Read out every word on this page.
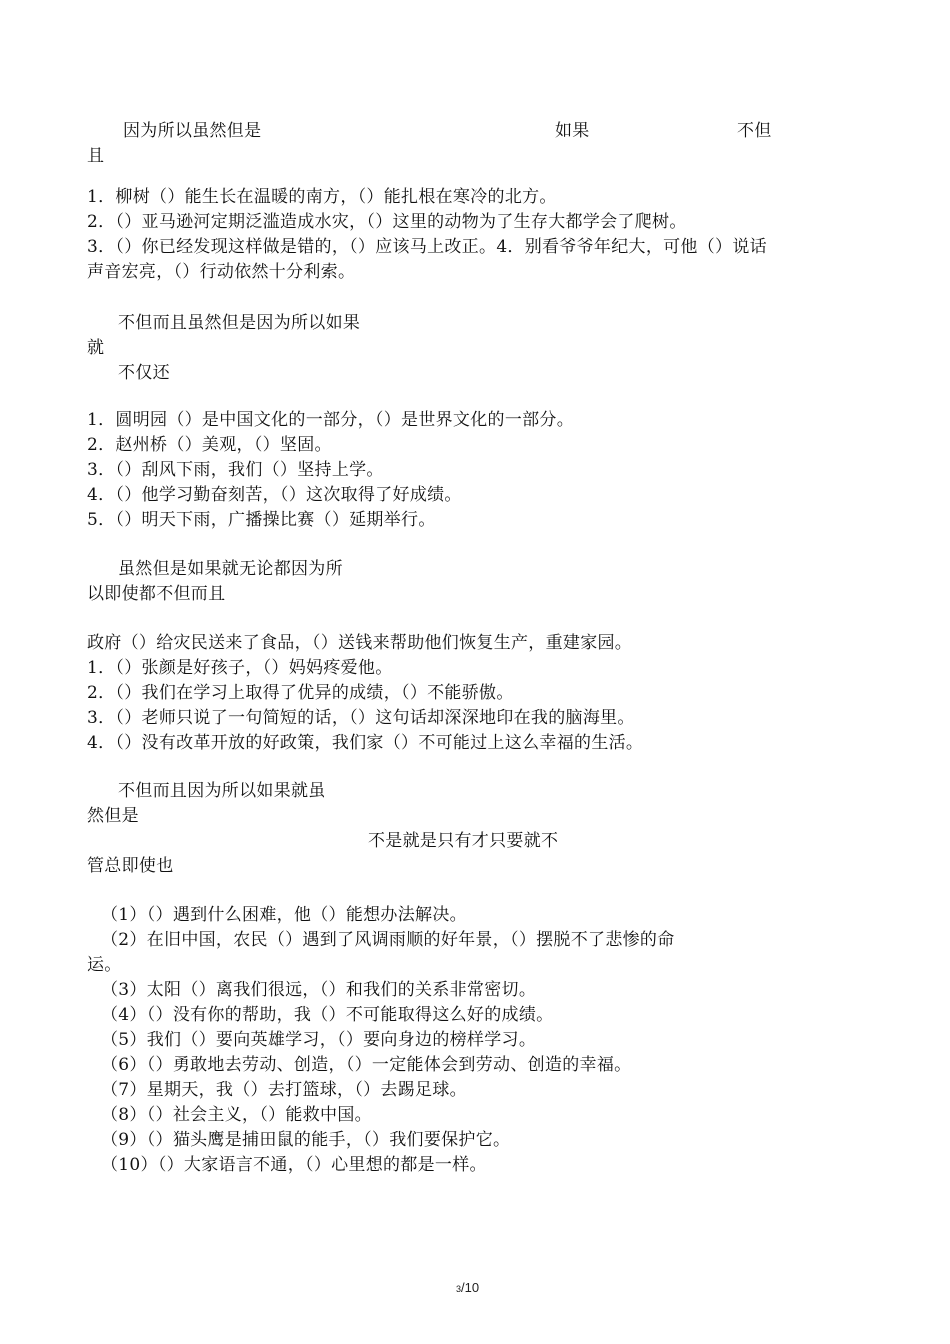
因为所以虽然但是	如果	不但
且
1．柳树（）能生长在温暖的南方，（）能扎根在寒冷的北方。
2．（）亚马逊河定期泛滥造成水灾，（）这里的动物为了生存大都学会了爬树。
3．（）你已经发现这样做是错的，（）应该马上改正。4．别看爷爷年纪大，可他（）说话
声音宏亮，（）行动依然十分利索。
不但而且虽然但是因为所以如果
就
不仅还
1．圆明园（）是中国文化的一部分，（）是世界文化的一部分。
2．赵州桥（）美观，（）坚固。
3．（）刮风下雨，我们（）坚持上学。
4．（）他学习勤奋刻苦，（）这次取得了好成绩。
5．（）明天下雨，广播操比赛（）延期举行。
虽然但是如果就无论都因为所
以即使都不但而且
政府（）给灾民送来了食品，（）送钱来帮助他们恢复生产，重建家园。
1．（）张颜是好孩子，（）妈妈疼爱他。
2．（）我们在学习上取得了优异的成绩，（）不能骄傲。
3．（）老师只说了一句简短的话，（）这句话却深深地印在我的脑海里。
4．（）没有改革开放的好政策，我们家（）不可能过上这么幸福的生活。
不但而且因为所以如果就虽
然但是
不是就是只有才只要就不
管总即使也
（1）（）遇到什么困难，他（）能想办法解决。
（2）在旧中国，农民（）遇到了风调雨顺的好年景，（）摆脱不了悲惨的命
运。
（3）太阳（）离我们很远，（）和我们的关系非常密切。
（4）（）没有你的帮助，我（）不可能取得这么好的成绩。
（5）我们（）要向英雄学习，（）要向身边的榜样学习。
（6）（）勇敢地去劳动、创造，（）一定能体会到劳动、创造的幸福。
（7）星期天，我（）去打篮球，（）去踢足球。
（8）（）社会主义，（）能救中国。
（9）（）猫头鹰是捕田鼠的能手，（）我们要保护它。
（10）（）大家语言不通，（）心里想的都是一样。
3/10
